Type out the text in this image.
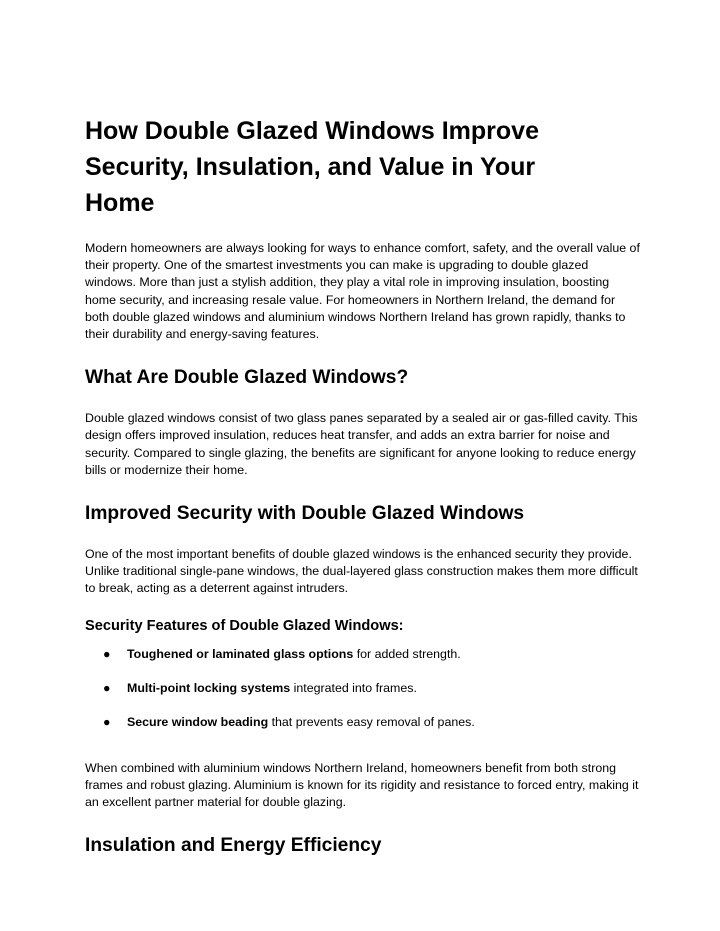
How Double Glazed Windows Improve Security, Insulation, and Value in Your Home

Modern homeowners are always looking for ways to enhance comfort, safety, and the overall value of their property. One of the smartest investments you can make is upgrading to double glazed windows. More than just a stylish addition, they play a vital role in improving insulation, boosting home security, and increasing resale value. For homeowners in Northern Ireland, the demand for both double glazed windows and aluminium windows Northern Ireland has grown rapidly, thanks to their durability and energy-saving features.

What Are Double Glazed Windows?

Double glazed windows consist of two glass panes separated by a sealed air or gas-filled cavity. This design offers improved insulation, reduces heat transfer, and adds an extra barrier for noise and security. Compared to single glazing, the benefits are significant for anyone looking to reduce energy bills or modernize their home.

Improved Security with Double Glazed Windows

One of the most important benefits of double glazed windows is the enhanced security they provide. Unlike traditional single-pane windows, the dual-layered glass construction makes them more difficult to break, acting as a deterrent against intruders.

Security Features of Double Glazed Windows:
● Toughened or laminated glass options for added strength.
● Multi-point locking systems integrated into frames.
● Secure window beading that prevents easy removal of panes.

When combined with aluminium windows Northern Ireland, homeowners benefit from both strong frames and robust glazing. Aluminium is known for its rigidity and resistance to forced entry, making it an excellent partner material for double glazing.

Insulation and Energy Efficiency
